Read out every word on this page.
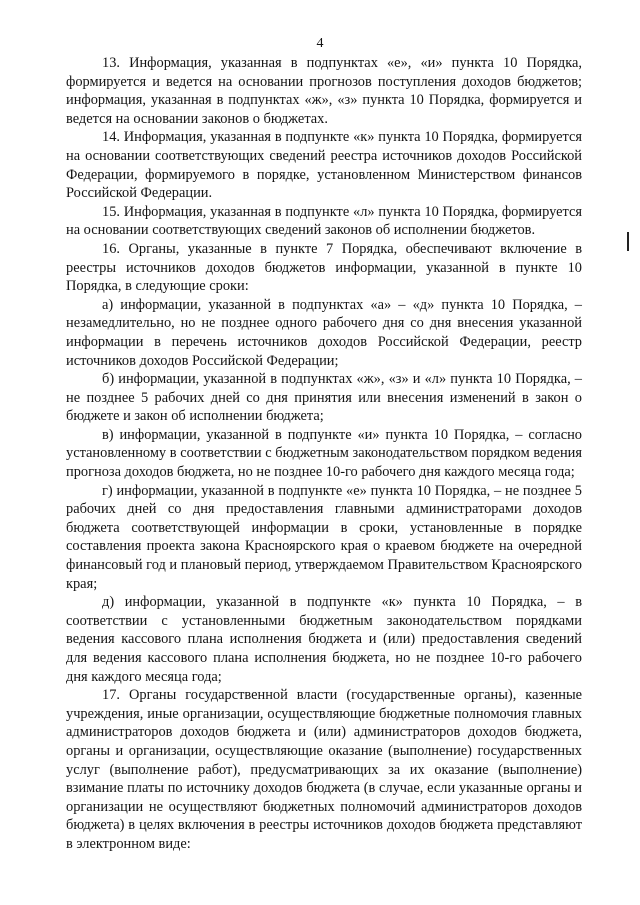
4

13. Информация, указанная в подпунктах «е», «и» пункта 10 Порядка, формируется и ведется на основании прогнозов поступления доходов бюджетов; информация, указанная в подпунктах «ж», «з» пункта 10 Порядка, формируется и ведется на основании законов о бюджетах.

14. Информация, указанная в подпункте «к» пункта 10 Порядка, формируется на основании соответствующих сведений реестра источников доходов Российской Федерации, формируемого в порядке, установленном Министерством финансов Российской Федерации.

15. Информация, указанная в подпункте «л» пункта 10 Порядка, формируется на основании соответствующих сведений законов об исполнении бюджетов.

16. Органы, указанные в пункте 7 Порядка, обеспечивают включение в реестры источников доходов бюджетов информации, указанной в пункте 10 Порядка, в следующие сроки:

а) информации, указанной в подпунктах «а» – «д» пункта 10 Порядка, – незамедлительно, но не позднее одного рабочего дня со дня внесения указанной информации в перечень источников доходов Российской Федерации, реестр источников доходов Российской Федерации;

б) информации, указанной в подпунктах «ж», «з» и «л» пункта 10 Порядка, – не позднее 5 рабочих дней со дня принятия или внесения изменений в закон о бюджете и закон об исполнении бюджета;

в) информации, указанной в подпункте «и» пункта 10 Порядка, – согласно установленному в соответствии с бюджетным законодательством порядком ведения прогноза доходов бюджета, но не позднее 10-го рабочего дня каждого месяца года;

г) информации, указанной в подпункте «е» пункта 10 Порядка, – не позднее 5 рабочих дней со дня предоставления главными администраторами доходов бюджета соответствующей информации в сроки, установленные в порядке составления проекта закона Красноярского края о краевом бюджете на очередной финансовый год и плановый период, утверждаемом Правительством Красноярского края;

д) информации, указанной в подпункте «к» пункта 10 Порядка, – в соответствии с установленными бюджетным законодательством порядками ведения кассового плана исполнения бюджета и (или) предоставления сведений для ведения кассового плана исполнения бюджета, но не позднее 10-го рабочего дня каждого месяца года;

17. Органы государственной власти (государственные органы), казенные учреждения, иные организации, осуществляющие бюджетные полномочия главных администраторов доходов бюджета и (или) администраторов доходов бюджета, органы и организации, осуществляющие оказание (выполнение) государственных услуг (выполнение работ), предусматривающих за их оказание (выполнение) взимание платы по источнику доходов бюджета (в случае, если указанные органы и организации не осуществляют бюджетных полномочий администраторов доходов бюджета) в целях включения в реестры источников доходов бюджета представляют в электронном виде:
